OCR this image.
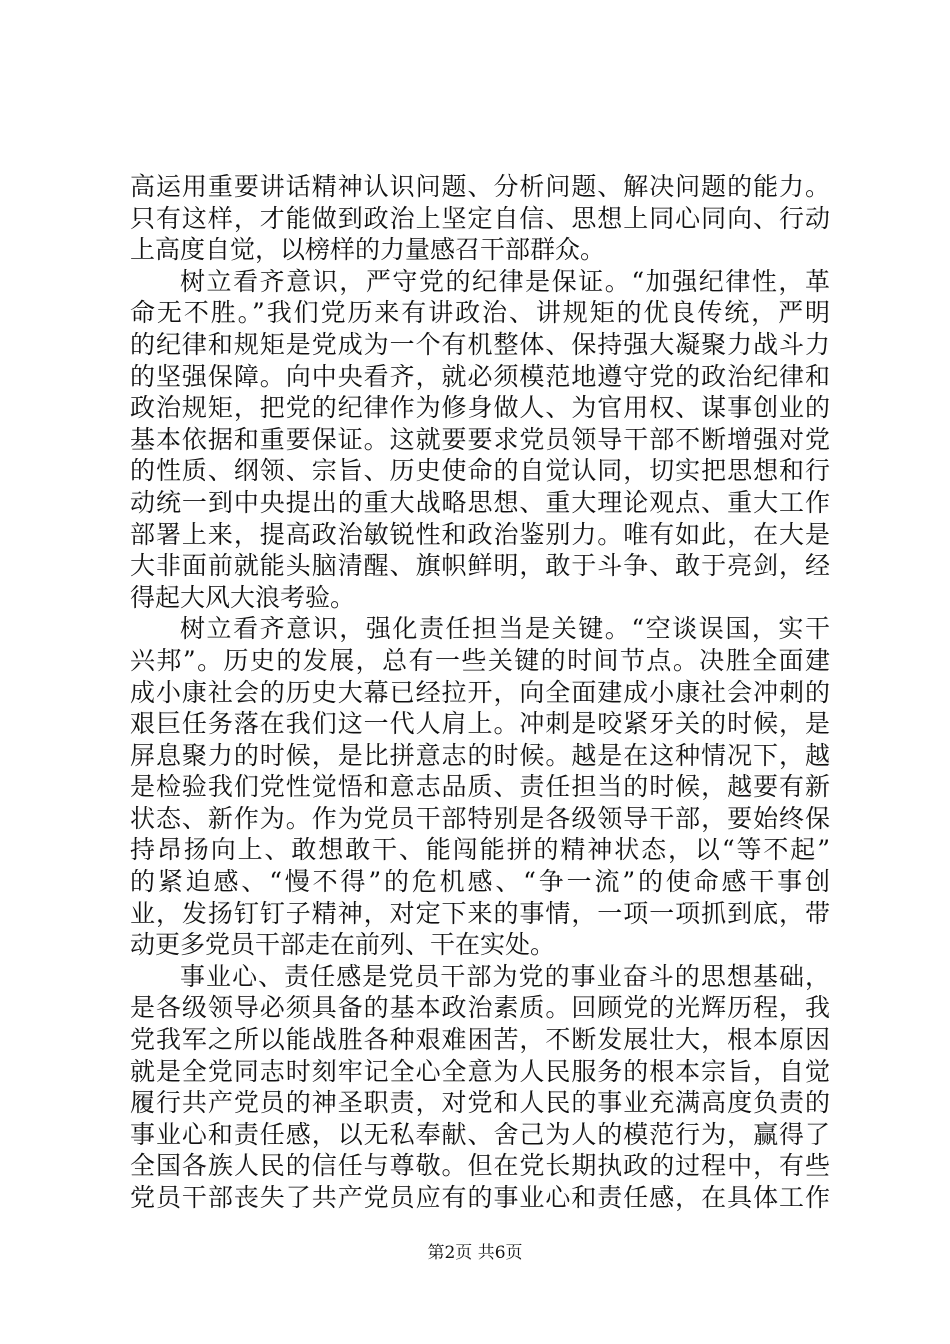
高运用重要讲话精神认识问题、分析问题、解决问题的能力。
只有这样，才能做到政治上坚定自信、思想上同心同向、行动
上高度自觉，以榜样的力量感召干部群众。
树立看齐意识，严守党的纪律是保证。“加强纪律性，革
命无不胜。”我们党历来有讲政治、讲规矩的优良传统，严明
的纪律和规矩是党成为一个有机整体、保持强大凝聚力战斗力
的坚强保障。向中央看齐，就必须模范地遵守党的政治纪律和
政治规矩，把党的纪律作为修身做人、为官用权、谋事创业的
基本依据和重要保证。这就要要求党员领导干部不断增强对党
的性质、纲领、宗旨、历史使命的自觉认同，切实把思想和行
动统一到中央提出的重大战略思想、重大理论观点、重大工作
部署上来，提高政治敏锐性和政治鉴别力。唯有如此，在大是
大非面前就能头脑清醒、旗帜鲜明，敢于斗争、敢于亮剑，经
得起大风大浪考验。
树立看齐意识，强化责任担当是关键。“空谈误国，实干
兴邦”。历史的发展，总有一些关键的时间节点。决胜全面建
成小康社会的历史大幕已经拉开，向全面建成小康社会冲刺的
艰巨任务落在我们这一代人肩上。冲刺是咬紧牙关的时候，是
屏息聚力的时候，是比拼意志的时候。越是在这种情况下，越
是检验我们党性觉悟和意志品质、责任担当的时候，越要有新
状态、新作为。作为党员干部特别是各级领导干部，要始终保
持昂扬向上、敢想敢干、能闯能拼的精神状态，以“等不起”
的紧迫感、“慢不得”的危机感、“争一流”的使命感干事创
业，发扬钉钉子精神，对定下来的事情，一项一项抓到底，带
动更多党员干部走在前列、干在实处。
事业心、责任感是党员干部为党的事业奋斗的思想基础，
是各级领导必须具备的基本政治素质。回顾党的光辉历程，我
党我军之所以能战胜各种艰难困苦，不断发展壮大，根本原因
就是全党同志时刻牢记全心全意为人民服务的根本宗旨，自觉
履行共产党员的神圣职责，对党和人民的事业充满高度负责的
事业心和责任感，以无私奉献、舍己为人的模范行为，赢得了
全国各族人民的信任与尊敬。但在党长期执政的过程中，有些
党员干部丧失了共产党员应有的事业心和责任感，在具体工作
第2页 共6页
